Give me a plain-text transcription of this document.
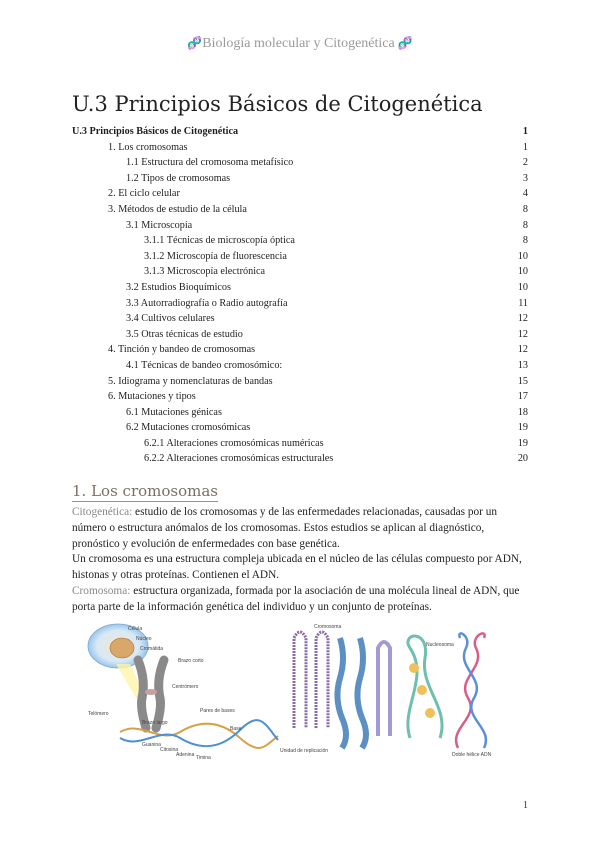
🧬Biología molecular y Citogenética 🧬
U.3 Principios Básicos de Citogenética
U.3 Principios Básicos de Citogenética	1
1. Los cromosomas	1
1.1 Estructura del cromosoma metafísico	2
1.2 Tipos de cromosomas	3
2. El ciclo celular	4
3. Métodos de estudio de la célula	8
3.1 Microscopía	8
3.1.1 Técnicas de microscopía óptica	8
3.1.2 Microscopía de fluorescencia	10
3.1.3 Microscopía electrónica	10
3.2 Estudios Bioquímicos	10
3.3 Autorradiografía o Radio autografía	11
3.4 Cultivos celulares	12
3.5 Otras técnicas de estudio	12
4. Tinción y bandeo de cromosomas	12
4.1 Técnicas de bandeo cromosómico:	13
5. Idiograma y nomenclaturas de bandas	15
6. Mutaciones y tipos	17
6.1 Mutaciones génicas	18
6.2 Mutaciones cromosómicas	19
6.2.1 Alteraciones cromosómicas numéricas	19
6.2.2 Alteraciones cromosómicas estructurales	20
1. Los cromosomas

Citogenética: estudio de los cromosomas y de las enfermedades relacionadas, causadas por un número o estructura anómalos de los cromosomas. Estos estudios se aplican al diagnóstico, pronóstico y evolución de enfermedades con base genética.

Un cromosoma es una estructura compleja ubicada en el núcleo de las células compuesto por ADN, histonas y otras proteínas. Contienen el ADN.

Cromosoma: estructura organizada, formada por la asociación de una molécula lineal de ADN, que porta parte de la información genética del individuo y un conjunto de proteínas.

Célula
Núcleo
Cromátida
Brazo corto
Centrómero
Telómero
Brazo largo
Base
Pares de bases
Guanina
Citosina
Adenina Timina
Unidad de replicación
Cromosoma
Nucleosoma
Doble hélice ADN
1
